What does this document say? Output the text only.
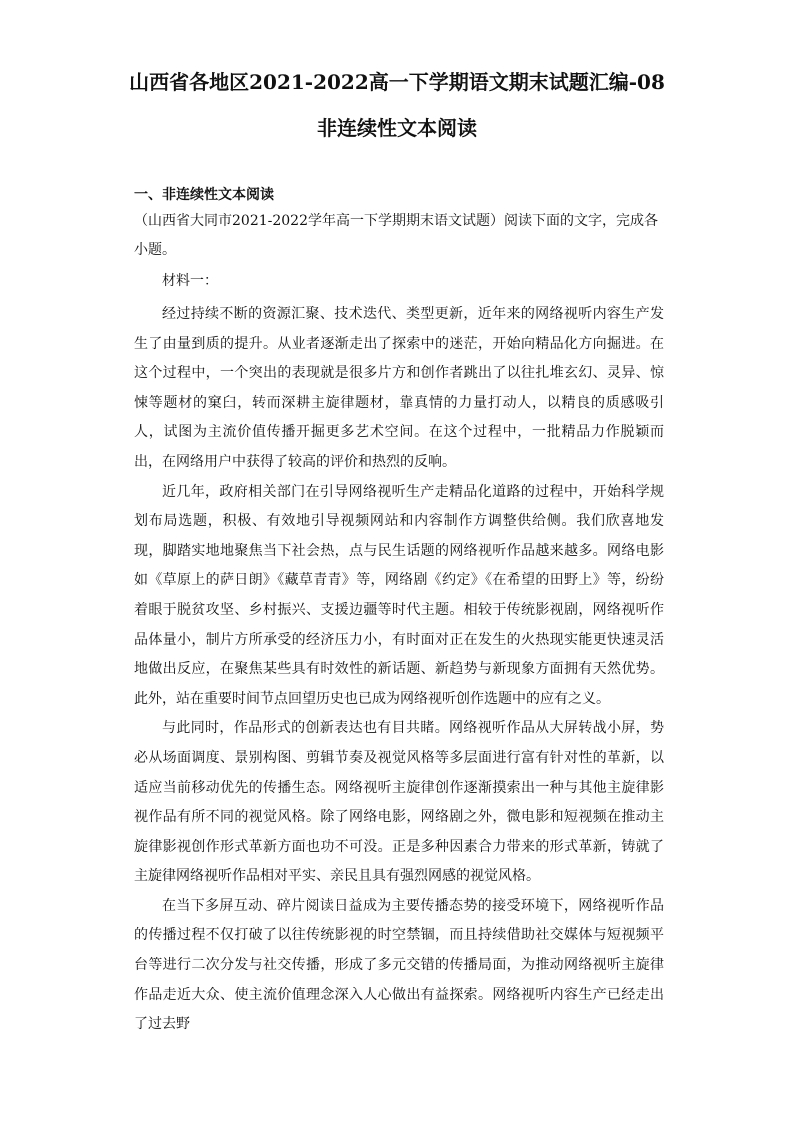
山西省各地区2021-2022高一下学期语文期末试题汇编-08
非连续性文本阅读
一、非连续性文本阅读
（山西省大同市2021-2022学年高一下学期期末语文试题）阅读下面的文字，完成各小题。
材料一：

经过持续不断的资源汇聚、技术迭代、类型更新，近年来的网络视听内容生产发生了由量到质的提升。从业者逐渐走出了探索中的迷茫，开始向精品化方向掘进。在这个过程中，一个突出的表现就是很多片方和创作者跳出了以往扎堆玄幻、灵异、惊悚等题材的窠臼，转而深耕主旋律题材，靠真情的力量打动人，以精良的质感吸引人，试图为主流价值传播开掘更多艺术空间。在这个过程中，一批精品力作脱颖而出，在网络用户中获得了较高的评价和热烈的反响。

近几年，政府相关部门在引导网络视听生产走精品化道路的过程中，开始科学规划布局选题，积极、有效地引导视频网站和内容制作方调整供给侧。我们欣喜地发现，脚踏实地地聚焦当下社会热，点与民生话题的网络视听作品越来越多。网络电影如《草原上的萨日朗》《藏草青青》等，网络剧《约定》《在希望的田野上》等，纷纷着眼于脱贫攻坚、乡村振兴、支援边疆等时代主题。相较于传统影视剧，网络视听作品体量小，制片方所承受的经济压力小，有时面对正在发生的火热现实能更快速灵活地做出反应，在聚焦某些具有时效性的新话题、新趋势与新现象方面拥有天然优势。此外，站在重要时间节点回望历史也已成为网络视听创作选题中的应有之义。

与此同时，作品形式的创新表达也有目共睹。网络视听作品从大屏转战小屏，势必从场面调度、景别构图、剪辑节奏及视觉风格等多层面进行富有针对性的革新，以适应当前移动优先的传播生态。网络视听主旋律创作逐渐摸索出一种与其他主旋律影视作品有所不同的视觉风格。除了网络电影，网络剧之外，微电影和短视频在推动主旋律影视创作形式革新方面也功不可没。正是多种因素合力带来的形式革新，铸就了主旋律网络视听作品相对平实、亲民且具有强烈网感的视觉风格。

在当下多屏互动、碎片阅读日益成为主要传播态势的接受环境下，网络视听作品的传播过程不仅打破了以往传统影视的时空禁锢，而且持续借助社交媒体与短视频平台等进行二次分发与社交传播，形成了多元交错的传播局面，为推动网络视听主旋律作品走近大众、使主流价值理念深入人心做出有益探索。网络视听内容生产已经走出了过去野
